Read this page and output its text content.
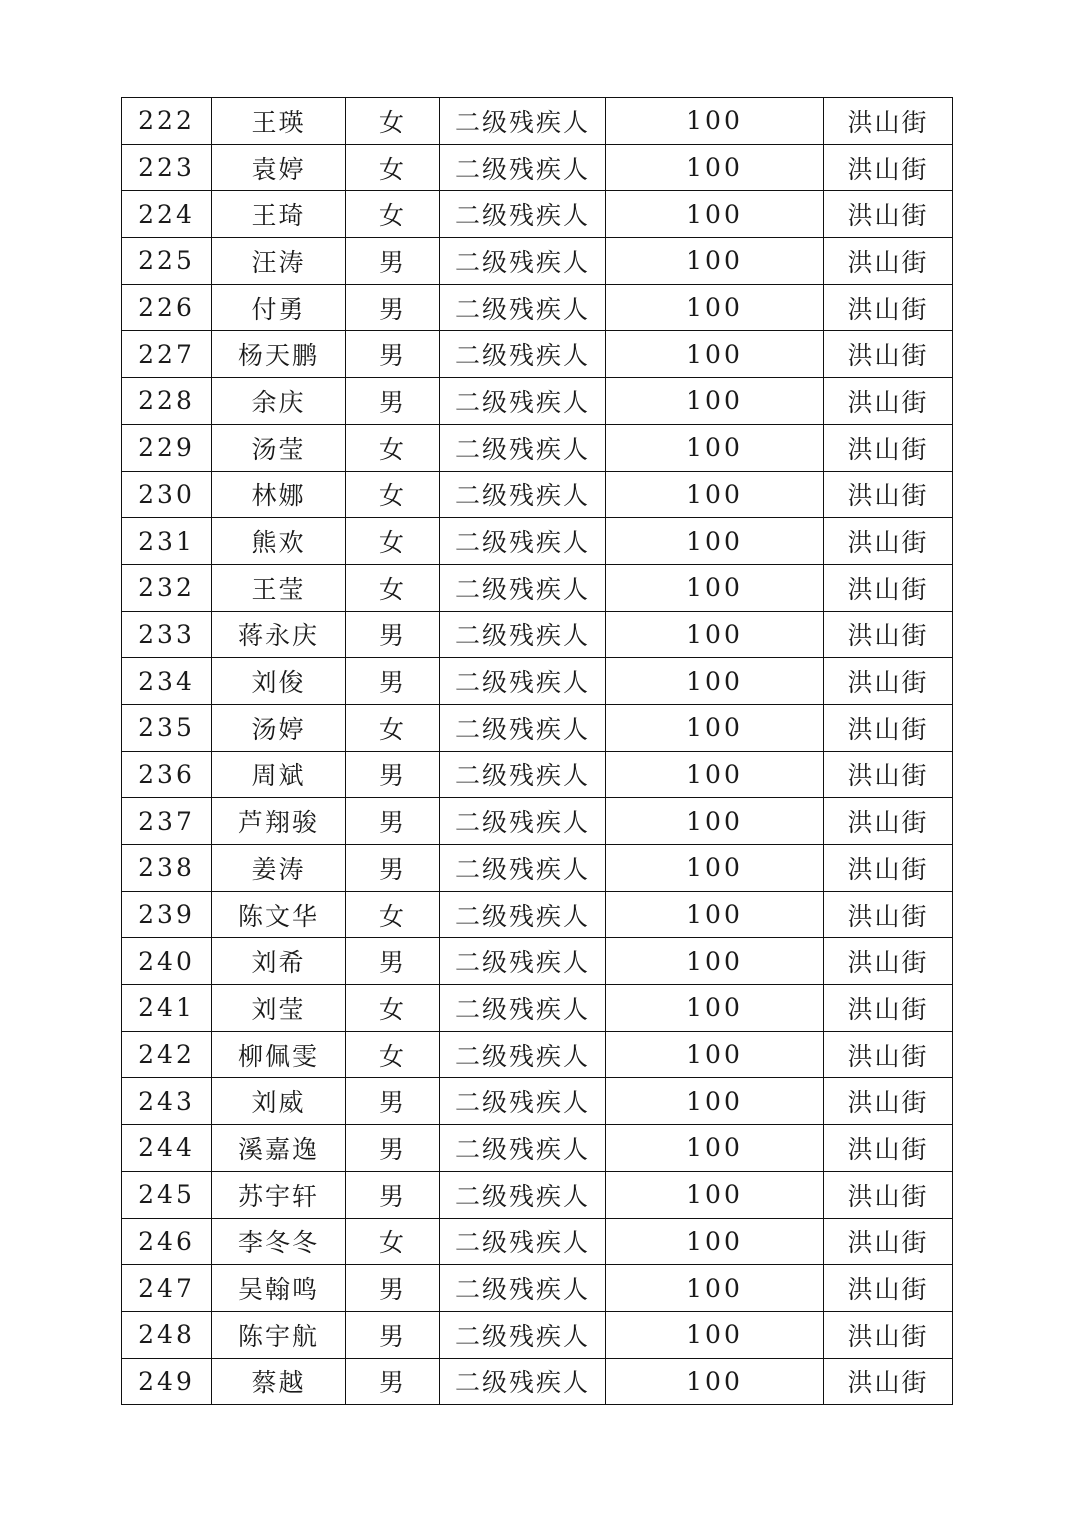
222	王瑛	女	二级残疾人	100	洪山街
223	袁婷	女	二级残疾人	100	洪山街
224	王琦	女	二级残疾人	100	洪山街
225	汪涛	男	二级残疾人	100	洪山街
226	付勇	男	二级残疾人	100	洪山街
227	杨天鹏	男	二级残疾人	100	洪山街
228	余庆	男	二级残疾人	100	洪山街
229	汤莹	女	二级残疾人	100	洪山街
230	林娜	女	二级残疾人	100	洪山街
231	熊欢	女	二级残疾人	100	洪山街
232	王莹	女	二级残疾人	100	洪山街
233	蒋永庆	男	二级残疾人	100	洪山街
234	刘俊	男	二级残疾人	100	洪山街
235	汤婷	女	二级残疾人	100	洪山街
236	周斌	男	二级残疾人	100	洪山街
237	芦翔骏	男	二级残疾人	100	洪山街
238	姜涛	男	二级残疾人	100	洪山街
239	陈文华	女	二级残疾人	100	洪山街
240	刘希	男	二级残疾人	100	洪山街
241	刘莹	女	二级残疾人	100	洪山街
242	柳佩雯	女	二级残疾人	100	洪山街
243	刘威	男	二级残疾人	100	洪山街
244	溪嘉逸	男	二级残疾人	100	洪山街
245	苏宇轩	男	二级残疾人	100	洪山街
246	李冬冬	女	二级残疾人	100	洪山街
247	吴翰鸣	男	二级残疾人	100	洪山街
248	陈宇航	男	二级残疾人	100	洪山街
249	蔡越	男	二级残疾人	100	洪山街
